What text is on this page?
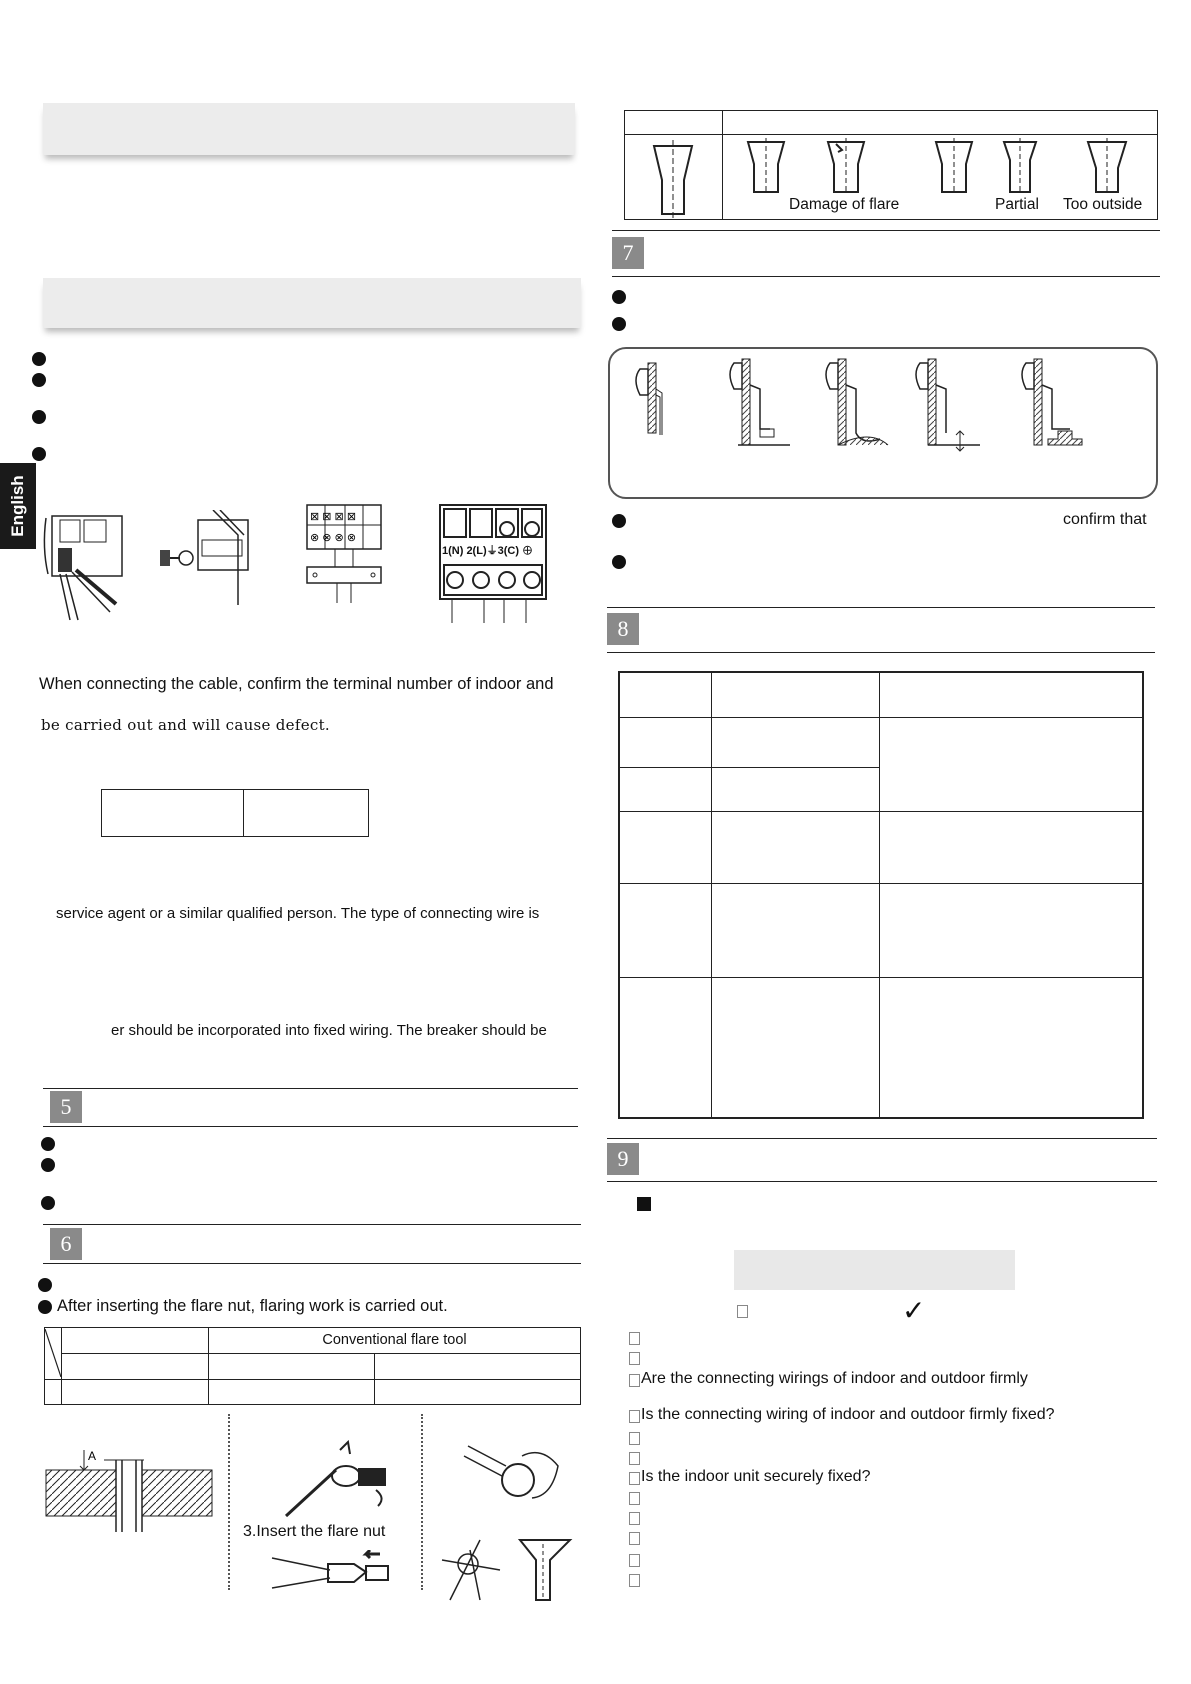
English	⊠ ⊠ ⊠ ⊠
⊗ ⊗ ⊗ ⊗
1(N) 2(L)⏚3(C) ⊕
When connecting the cable, confirm the terminal number of indoor and
be carried out and will cause defect.

service agent or a similar qualified person. The type of connecting wire is
er should be incorporated into fixed wiring. The breaker should be
5
6
After inserting the flare nut, flaring work is carried out.
		Conventional flare tool	

A
3.Insert the flare nut

Damage of flare	Partial Too outside
7
confirm that
8

9
✓
Are the connecting wirings of indoor and outdoor firmly
Is the connecting wiring of indoor and outdoor firmly fixed?
Is the indoor unit securely fixed?
